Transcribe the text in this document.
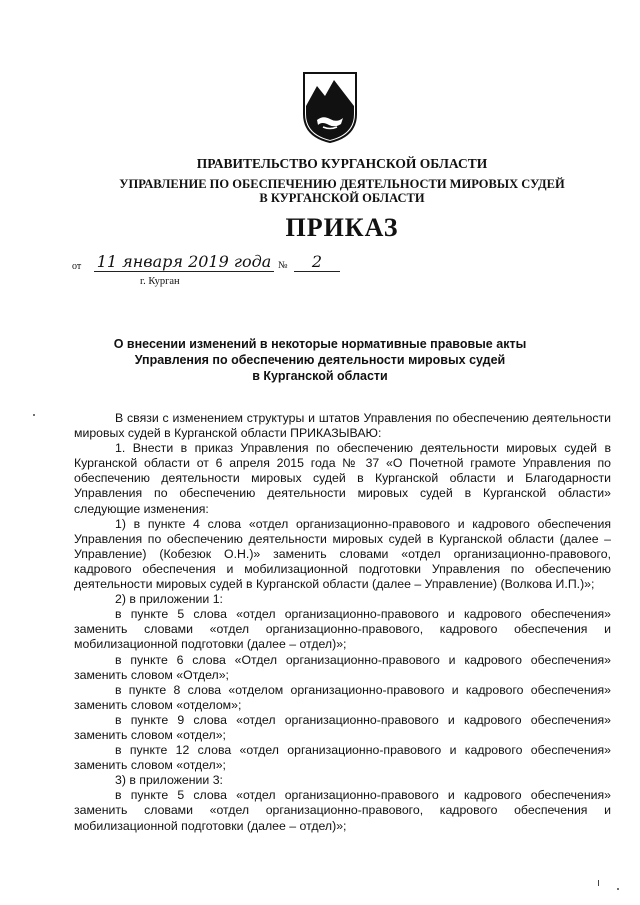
ПРАВИТЕЛЬСТВО КУРГАНСКОЙ ОБЛАСТИ
УПРАВЛЕНИЕ ПО ОБЕСПЕЧЕНИЮ ДЕЯТЕЛЬНОСТИ МИРОВЫХ СУДЕЙ
В КУРГАНСКОЙ ОБЛАСТИ
ПРИКАЗ
от 11 января 2019 года №	2
г. Курган
О внесении изменений в некоторые нормативные правовые акты
Управления по обеспечению деятельности мировых судей
в Курганской области

В связи с изменением структуры и штатов Управления по обеспечению деятельности мировых судей в Курганской области ПРИКАЗЫВАЮ:

1. Внести в приказ Управления по обеспечению деятельности мировых судей в Курганской области от 6 апреля 2015 года № 37 «О Почетной грамоте Управления по обеспечению деятельности мировых судей в Курганской области и Благодарности Управления по обеспечению деятельности мировых судей в Курганской области» следующие изменения:

1) в пункте 4 слова «отдел организационно-правового и кадрового обеспечения Управления по обеспечению деятельности мировых судей в Курганской области (далее – Управление) (Кобезюк О.Н.)» заменить словами «отдел организационно-правового, кадрового обеспечения и мобилизационной подготовки Управления по обеспечению деятельности мировых судей в Курганской области (далее – Управление) (Волкова И.П.)»;

2) в приложении 1:

в пункте 5 слова «отдел организационно-правового и кадрового обеспечения» заменить словами «отдел организационно-правового, кадрового обеспечения и мобилизационной подготовки (далее – отдел)»;

в пункте 6 слова «Отдел организационно-правового и кадрового обеспечения» заменить словом «Отдел»;

в пункте 8 слова «отделом организационно-правового и кадрового обеспечения» заменить словом «отделом»;

в пункте 9 слова «отдел организационно-правового и кадрового обеспечения» заменить словом «отдел»;

в пункте 12 слова «отдел организационно-правового и кадрового обеспечения» заменить словом «отдел»;

3) в приложении 3:

в пункте 5 слова «отдел организационно-правового и кадрового обеспечения» заменить словами «отдел организационно-правового, кадрового обеспечения и мобилизационной подготовки (далее – отдел)»;
